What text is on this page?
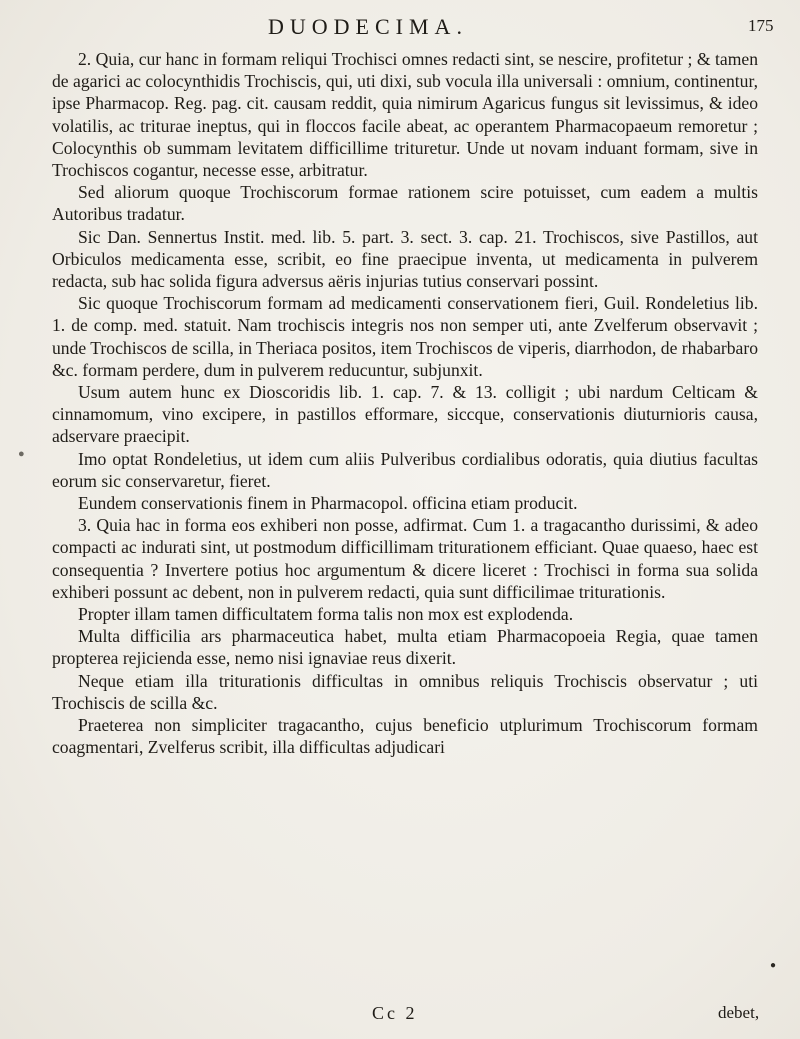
DUODECIMA.	175

2. Quia, cur hanc in formam reliqui Trochisci omnes redacti sint, se nescire, profitetur ; & tamen de agarici ac colocynthidis Trochiscis, qui, uti dixi, sub vocula illa universali : omnium, continentur, ipse Pharmacop. Reg. pag. cit. causam reddit, quia nimirum Agaricus fungus sit levissimus, & ideo volatilis, ac triturae ineptus, qui in floccos facile abeat, ac operantem Pharmacopaeum remoretur ; Colocynthis ob summam levitatem difficillime trituretur. Unde ut novam induant formam, sive in Trochiscos cogantur, necesse esse, arbitratur.

Sed aliorum quoque Trochiscorum formae rationem scire potuisset, cum eadem a multis Autoribus tradatur.

Sic Dan. Sennertus Instit. med. lib. 5. part. 3. sect. 3. cap. 21. Trochiscos, sive Pastillos, aut Orbiculos medicamenta esse, scribit, eo fine praecipue inventa, ut medicamenta in pulverem redacta, sub hac solida figura adversus aëris injurias tutius conservari possint.

Sic quoque Trochiscorum formam ad medicamenti conservationem fieri, Guil. Rondeletius lib. 1. de comp. med. statuit. Nam trochiscis integris nos non semper uti, ante Zvelferum observavit ; unde Trochiscos de scilla, in Theriaca positos, item Trochiscos de viperis, diarrhodon, de rhabarbaro &c. formam perdere, dum in pulverem reducuntur, subjunxit.

Usum autem hunc ex Dioscoridis lib. 1. cap. 7. & 13. colligit ; ubi nardum Celticam & cinnamomum, vino excipere, in pastillos efformare, siccque, conservationis diuturnioris causa, adservare praecipit.

Imo optat Rondeletius, ut idem cum aliis Pulveribus cordialibus odoratis, quia diutius facultas eorum sic conservaretur, fieret.

Eundem conservationis finem in Pharmacopol. officina etiam producit.

3. Quia hac in forma eos exhiberi non posse, adfirmat. Cum 1. a tragacantho durissimi, & adeo compacti ac indurati sint, ut postmodum difficillimam triturationem efficiant. Quae quaeso, haec est consequentia ? Invertere potius hoc argumentum & dicere liceret : Trochisci in forma sua solida exhiberi possunt ac debent, non in pulverem redacti, quia sunt difficilimae triturationis.

Propter illam tamen difficultatem forma talis non mox est explodenda.

Multa difficilia ars pharmaceutica habet, multa etiam Pharmacopoeia Regia, quae tamen propterea rejicienda esse, nemo nisi ignaviae reus dixerit.

Neque etiam illa triturationis difficultas in omnibus reliquis Trochiscis observatur ; uti Trochiscis de scilla &c.

Praeterea non simpliciter tragacantho, cujus beneficio utplurimum Trochiscorum formam coagmentari, Zvelferus scribit, illa difficultas adjudicari

●
Cc 2	debet,
●
